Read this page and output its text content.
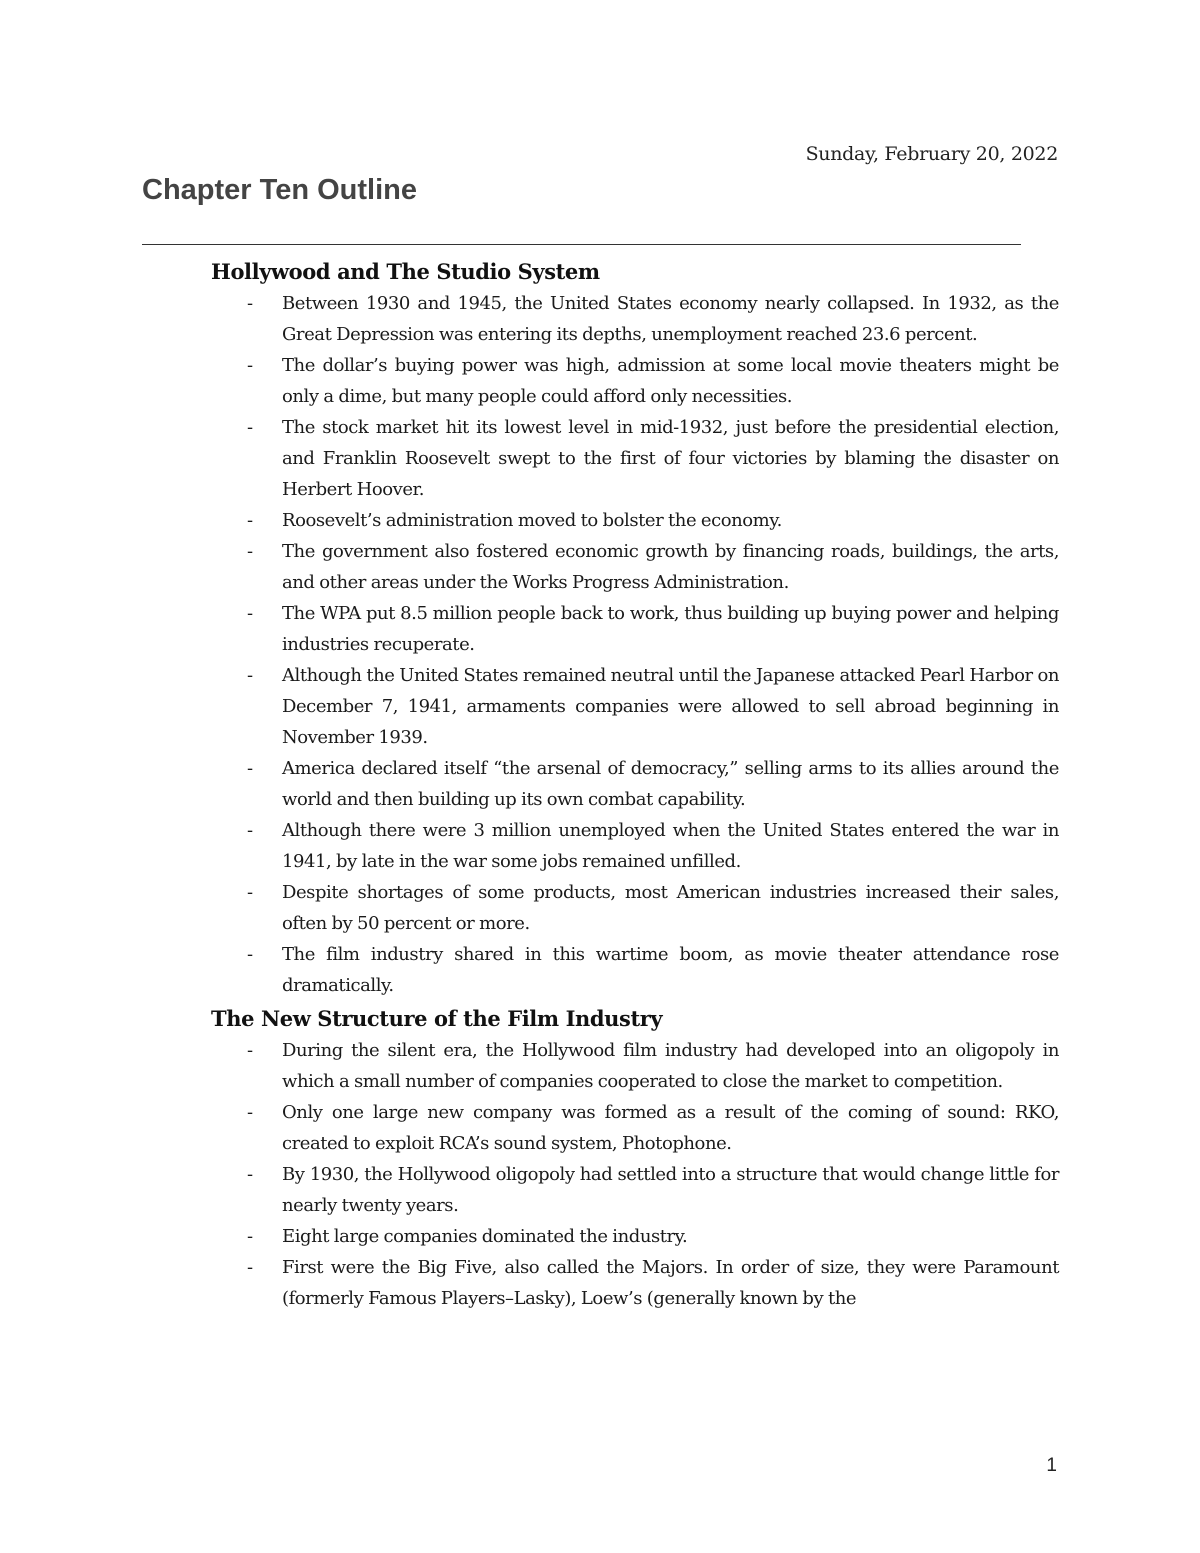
Sunday, February 20, 2022
Chapter Ten Outline
Hollywood and The Studio System
- Between 1930 and 1945, the United States economy nearly collapsed. In 1932, as the Great Depression was entering its depths, unemployment reached 23.6 percent.
- The dollar’s buying power was high, admission at some local movie theaters might be only a dime, but many people could afford only necessities.
- The stock market hit its lowest level in mid-1932, just before the presidential election, and Franklin Roosevelt swept to the first of four victories by blaming the disaster on Herbert Hoover.
- Roosevelt’s administration moved to bolster the economy.
- The government also fostered economic growth by financing roads, buildings, the arts, and other areas under the Works Progress Administration.
- The WPA put 8.5 million people back to work, thus building up buying power and helping industries recuperate.
- Although the United States remained neutral until the Japanese attacked Pearl Harbor on December 7, 1941, armaments companies were allowed to sell abroad beginning in November 1939.
- America declared itself “the arsenal of democracy,” selling arms to its allies around the world and then building up its own combat capability.
- Although there were 3 million unemployed when the United States entered the war in 1941, by late in the war some jobs remained unfilled.
- Despite shortages of some products, most American industries increased their sales, often by 50 percent or more.
- The film industry shared in this wartime boom, as movie theater attendance rose dramatically.
The New Structure of the Film Industry
- During the silent era, the Hollywood film industry had developed into an oligopoly in which a small number of companies cooperated to close the market to competition.
- Only one large new company was formed as a result of the coming of sound: RKO, created to exploit RCA’s sound system, Photophone.
- By 1930, the Hollywood oligopoly had settled into a structure that would change little for nearly twenty years.
- Eight large companies dominated the industry.
- First were the Big Five, also called the Majors. In order of size, they were Paramount (formerly Famous Players–Lasky), Loew’s (generally known by the
1
